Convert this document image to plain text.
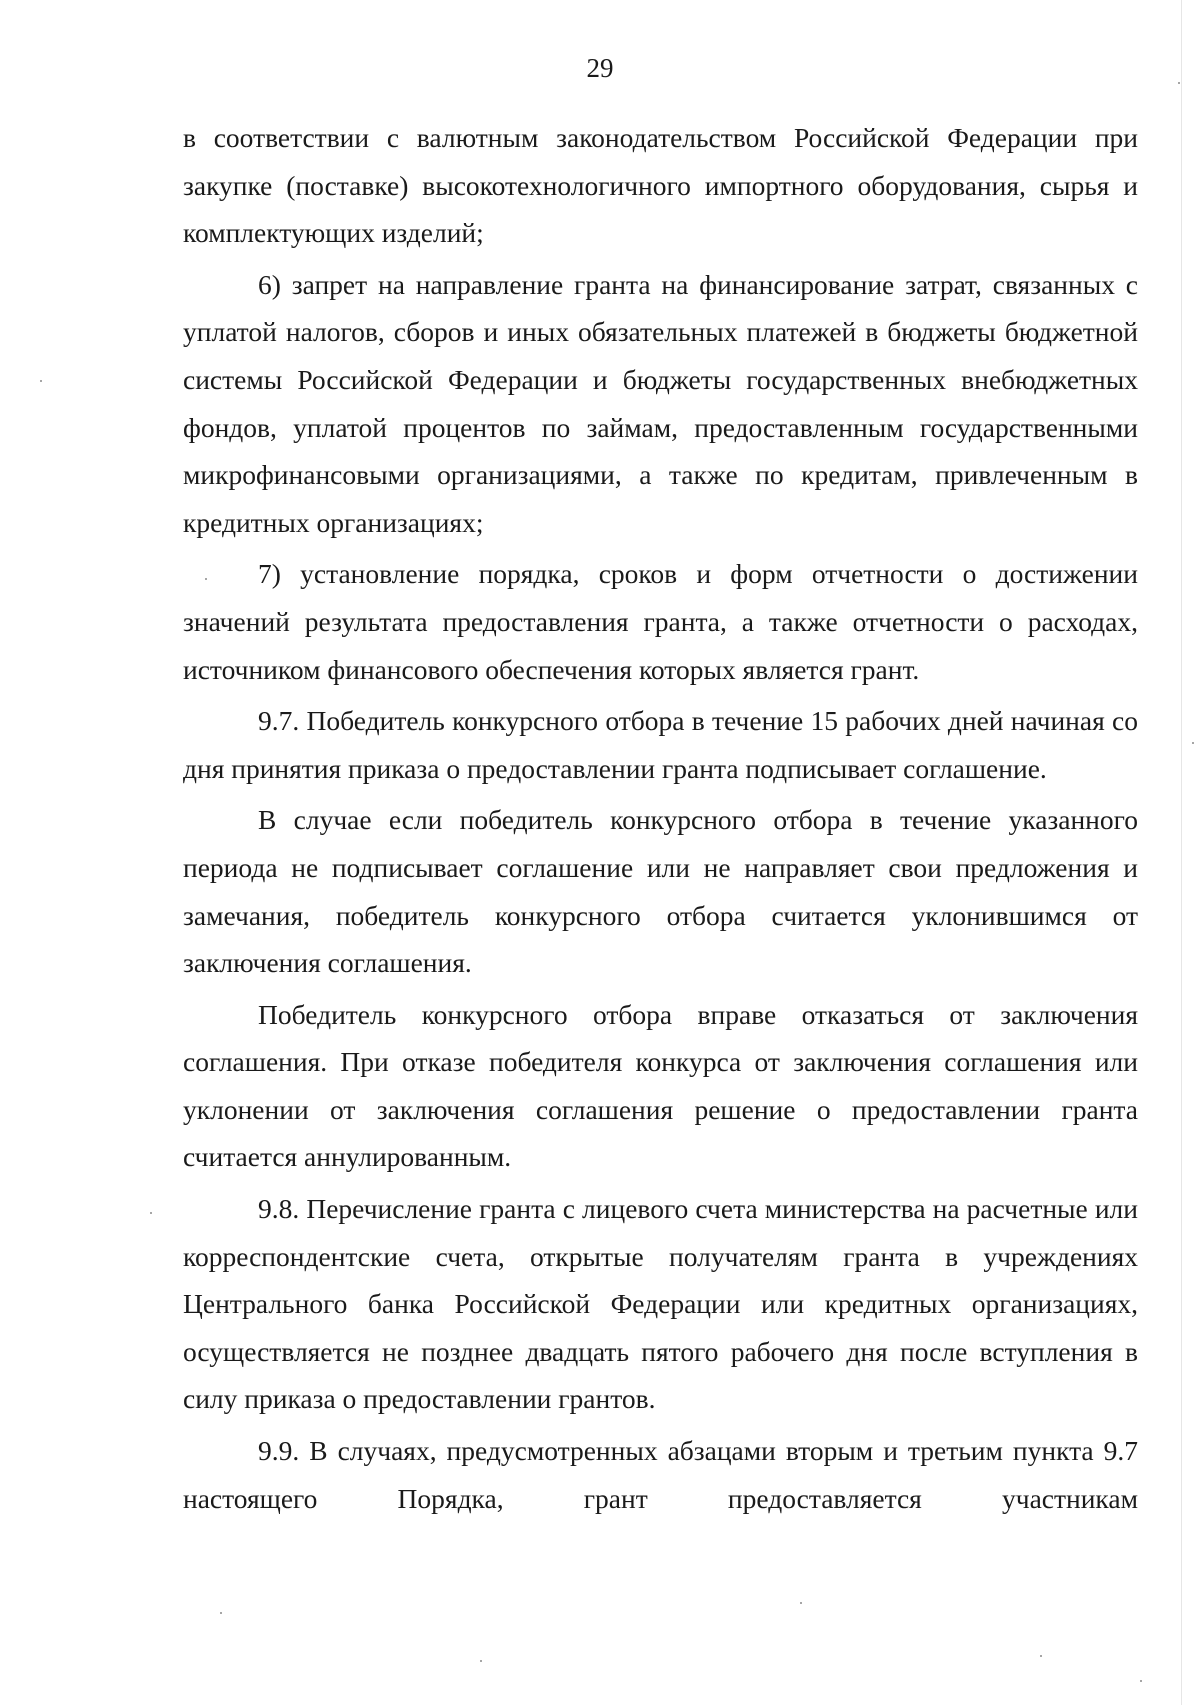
29

в соответствии с валютным законодательством Российской Федерации при закупке (поставке) высокотехнологичного импортного оборудования, сырья и комплектующих изделий;

6) запрет на направление гранта на финансирование затрат, связанных с уплатой налогов, сборов и иных обязательных платежей в бюджеты бюджетной системы Российской Федерации и бюджеты государственных внебюджетных фондов, уплатой процентов по займам, предоставленным государственными микрофинансовыми организациями, а также по кредитам, привлеченным в кредитных организациях;

7) установление порядка, сроков и форм отчетности о достижении значений результата предоставления гранта, а также отчетности о расходах, источником финансового обеспечения которых является грант.

9.7. Победитель конкурсного отбора в течение 15 рабочих дней начиная со дня принятия приказа о предоставлении гранта подписывает соглашение.

В случае если победитель конкурсного отбора в течение указанного периода не подписывает соглашение или не направляет свои предложения и замечания, победитель конкурсного отбора считается уклонившимся от заключения соглашения.

Победитель конкурсного отбора вправе отказаться от заключения соглашения. При отказе победителя конкурса от заключения соглашения или уклонении от заключения соглашения решение о предоставлении гранта считается аннулированным.

9.8. Перечисление гранта с лицевого счета министерства на расчетные или корреспондентские счета, открытые получателям гранта в учреждениях Центрального банка Российской Федерации или кредитных организациях, осуществляется не позднее двадцать пятого рабочего дня после вступления в силу приказа о предоставлении грантов.

9.9. В случаях, предусмотренных абзацами вторым и третьим пункта 9.7 настоящего Порядка, грант предоставляется участникам
